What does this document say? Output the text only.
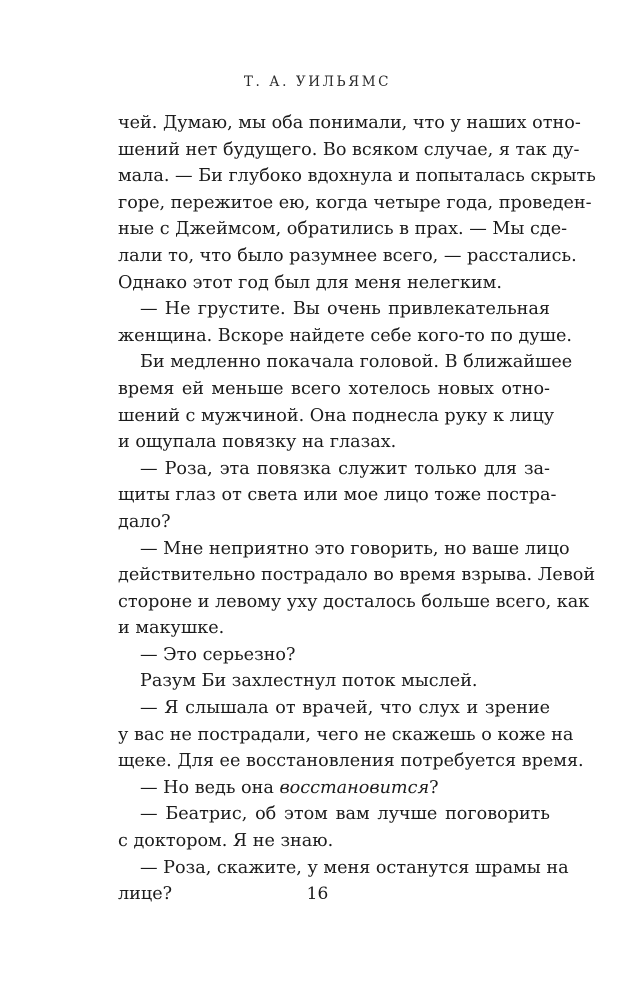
Т. А. УИЛЬЯМС
чей. Думаю, мы оба понимали, что у наших отно-
шений нет будущего. Во всяком случае, я так ду-
мала. — Би глубоко вдохнула и попыталась скрыть
горе, пережитое ею, когда четыре года, проведен-
ные с Джеймсом, обратились в прах. — Мы сде-
лали то, что было разумнее всего, — расстались.
Однако этот год был для меня нелегким.
— Не грустите. Вы очень привлекательная
женщина. Вскоре найдете себе кого-то по душе.
Би медленно покачала головой. В ближайшее
время ей меньше всего хотелось новых отно-
шений с мужчиной. Она поднесла руку к лицу
и ощупала повязку на глазах.
— Роза, эта повязка служит только для за-
щиты глаз от света или мое лицо тоже постра-
дало?
— Мне неприятно это говорить, но ваше лицо
действительно пострадало во время взрыва. Левой
стороне и левому уху досталось больше всего, как
и макушке.
— Это серьезно?
Разум Би захлестнул поток мыслей.
— Я слышала от врачей, что слух и зрение
у вас не пострадали, чего не скажешь о коже на
щеке. Для ее восстановления потребуется время.
— Но ведь она восстановится?
— Беатрис, об этом вам лучше поговорить
с доктором. Я не знаю.
— Роза, скажите, у меня останутся шрамы на
лице?	16
